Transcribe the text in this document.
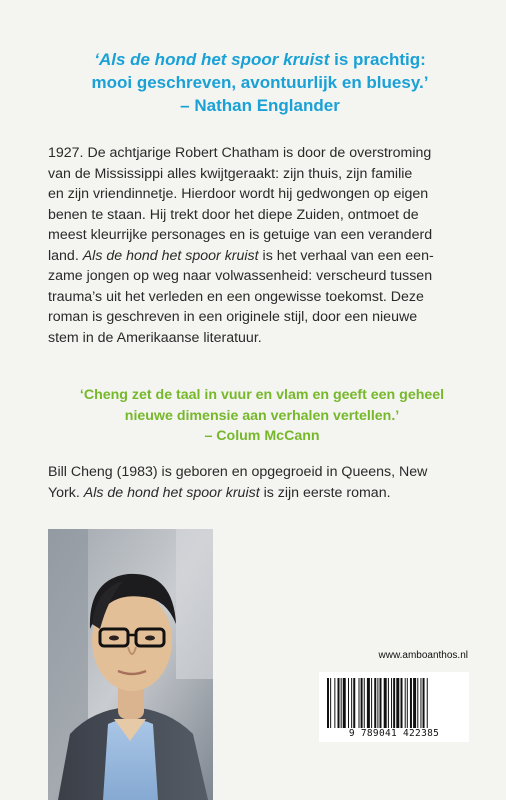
‘Als de hond het spoor kruist is prachtig:
mooi geschreven, avontuurlijk en bluesy.’
– Nathan Englander
1927. De achtjarige Robert Chatham is door de overstroming
van de Mississippi alles kwijtgeraakt: zijn thuis, zijn familie
en zijn vriendinnetje. Hierdoor wordt hij gedwongen op eigen
benen te staan. Hij trekt door het diepe Zuiden, ontmoet de
meest kleurrijke personages en is getuige van een veranderd
land. Als de hond het spoor kruist is het verhaal van een een-
zame jongen op weg naar volwassenheid: verscheurd tussen
trauma’s uit het verleden en een ongewisse toekomst. Deze
roman is geschreven in een originele stijl, door een nieuwe
stem in de Amerikaanse literatuur.
‘Cheng zet de taal in vuur en vlam en geeft een geheel
nieuwe dimensie aan verhalen vertellen.’
– Colum McCann
Bill Cheng (1983) is geboren en opgegroeid in Queens, New
York. Als de hond het spoor kruist is zijn eerste roman.
www.amboanthos.nl
9 789041 422385
